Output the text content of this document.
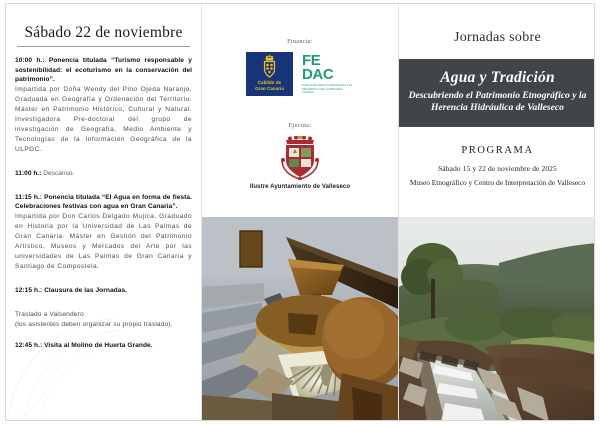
Sábado 22 de noviembre
10:00 h.: Ponencia titulada “Turismo responsable y sostenibilidad: el ecoturismo en la conservación del patrimonio”.
Impartida por Doña Wendy del Pino Ojeda Naranjo, Graduada en Geografía y Ordenación del Territorio. Máster en Patrimonio Histórico, Cultural y Natural. Investigadora Pre-doctoral del grupo de investigación de Geografía, Medio Ambiente y Tecnologías de la Información Geográfica de la ULPGC.
11:00 h.: Descanso.
11:15 h.: Ponencia titulada “El Agua en forma de fiesta. Celebraciones festivas con agua en Gran Canaria”.
Impartida por Don Carlos Delgado Mujica. Graduado en Historia por la Universidad de Las Palmas de Gran Canaria. Máster en Gestión del Patrimonio Artístico, Museos y Mercados del Arte por las universidades de Las Palmas de Gran Canaria y Santiago de Compostela.
12:15 h.: Clausura de las Jornadas.
Traslado a Valsendero
(los asistentes deben organizar su propio traslado).
12:45 h.: Visita al Molino de Huerta Grande.
Financia:
Cabildo de
Gran Canaria
FE
DAC
FUNDACIÓN PARA LA ETNOGRAFÍA Y EL DESARROLLO DE LA ARTESANÍA CANARIA
Ejecuta:
Ilustre Ayuntamiento de Valleseco
Jornadas sobre
Agua y Tradición
Descubriendo el Patrimonio Etnográfico y la Herencia Hidráulica de Valleseco
PROGRAMA
Sábado 15 y 22 de noviembre de 2025
Museo Etnográfico y Centro de Interpretación de Valleseco
